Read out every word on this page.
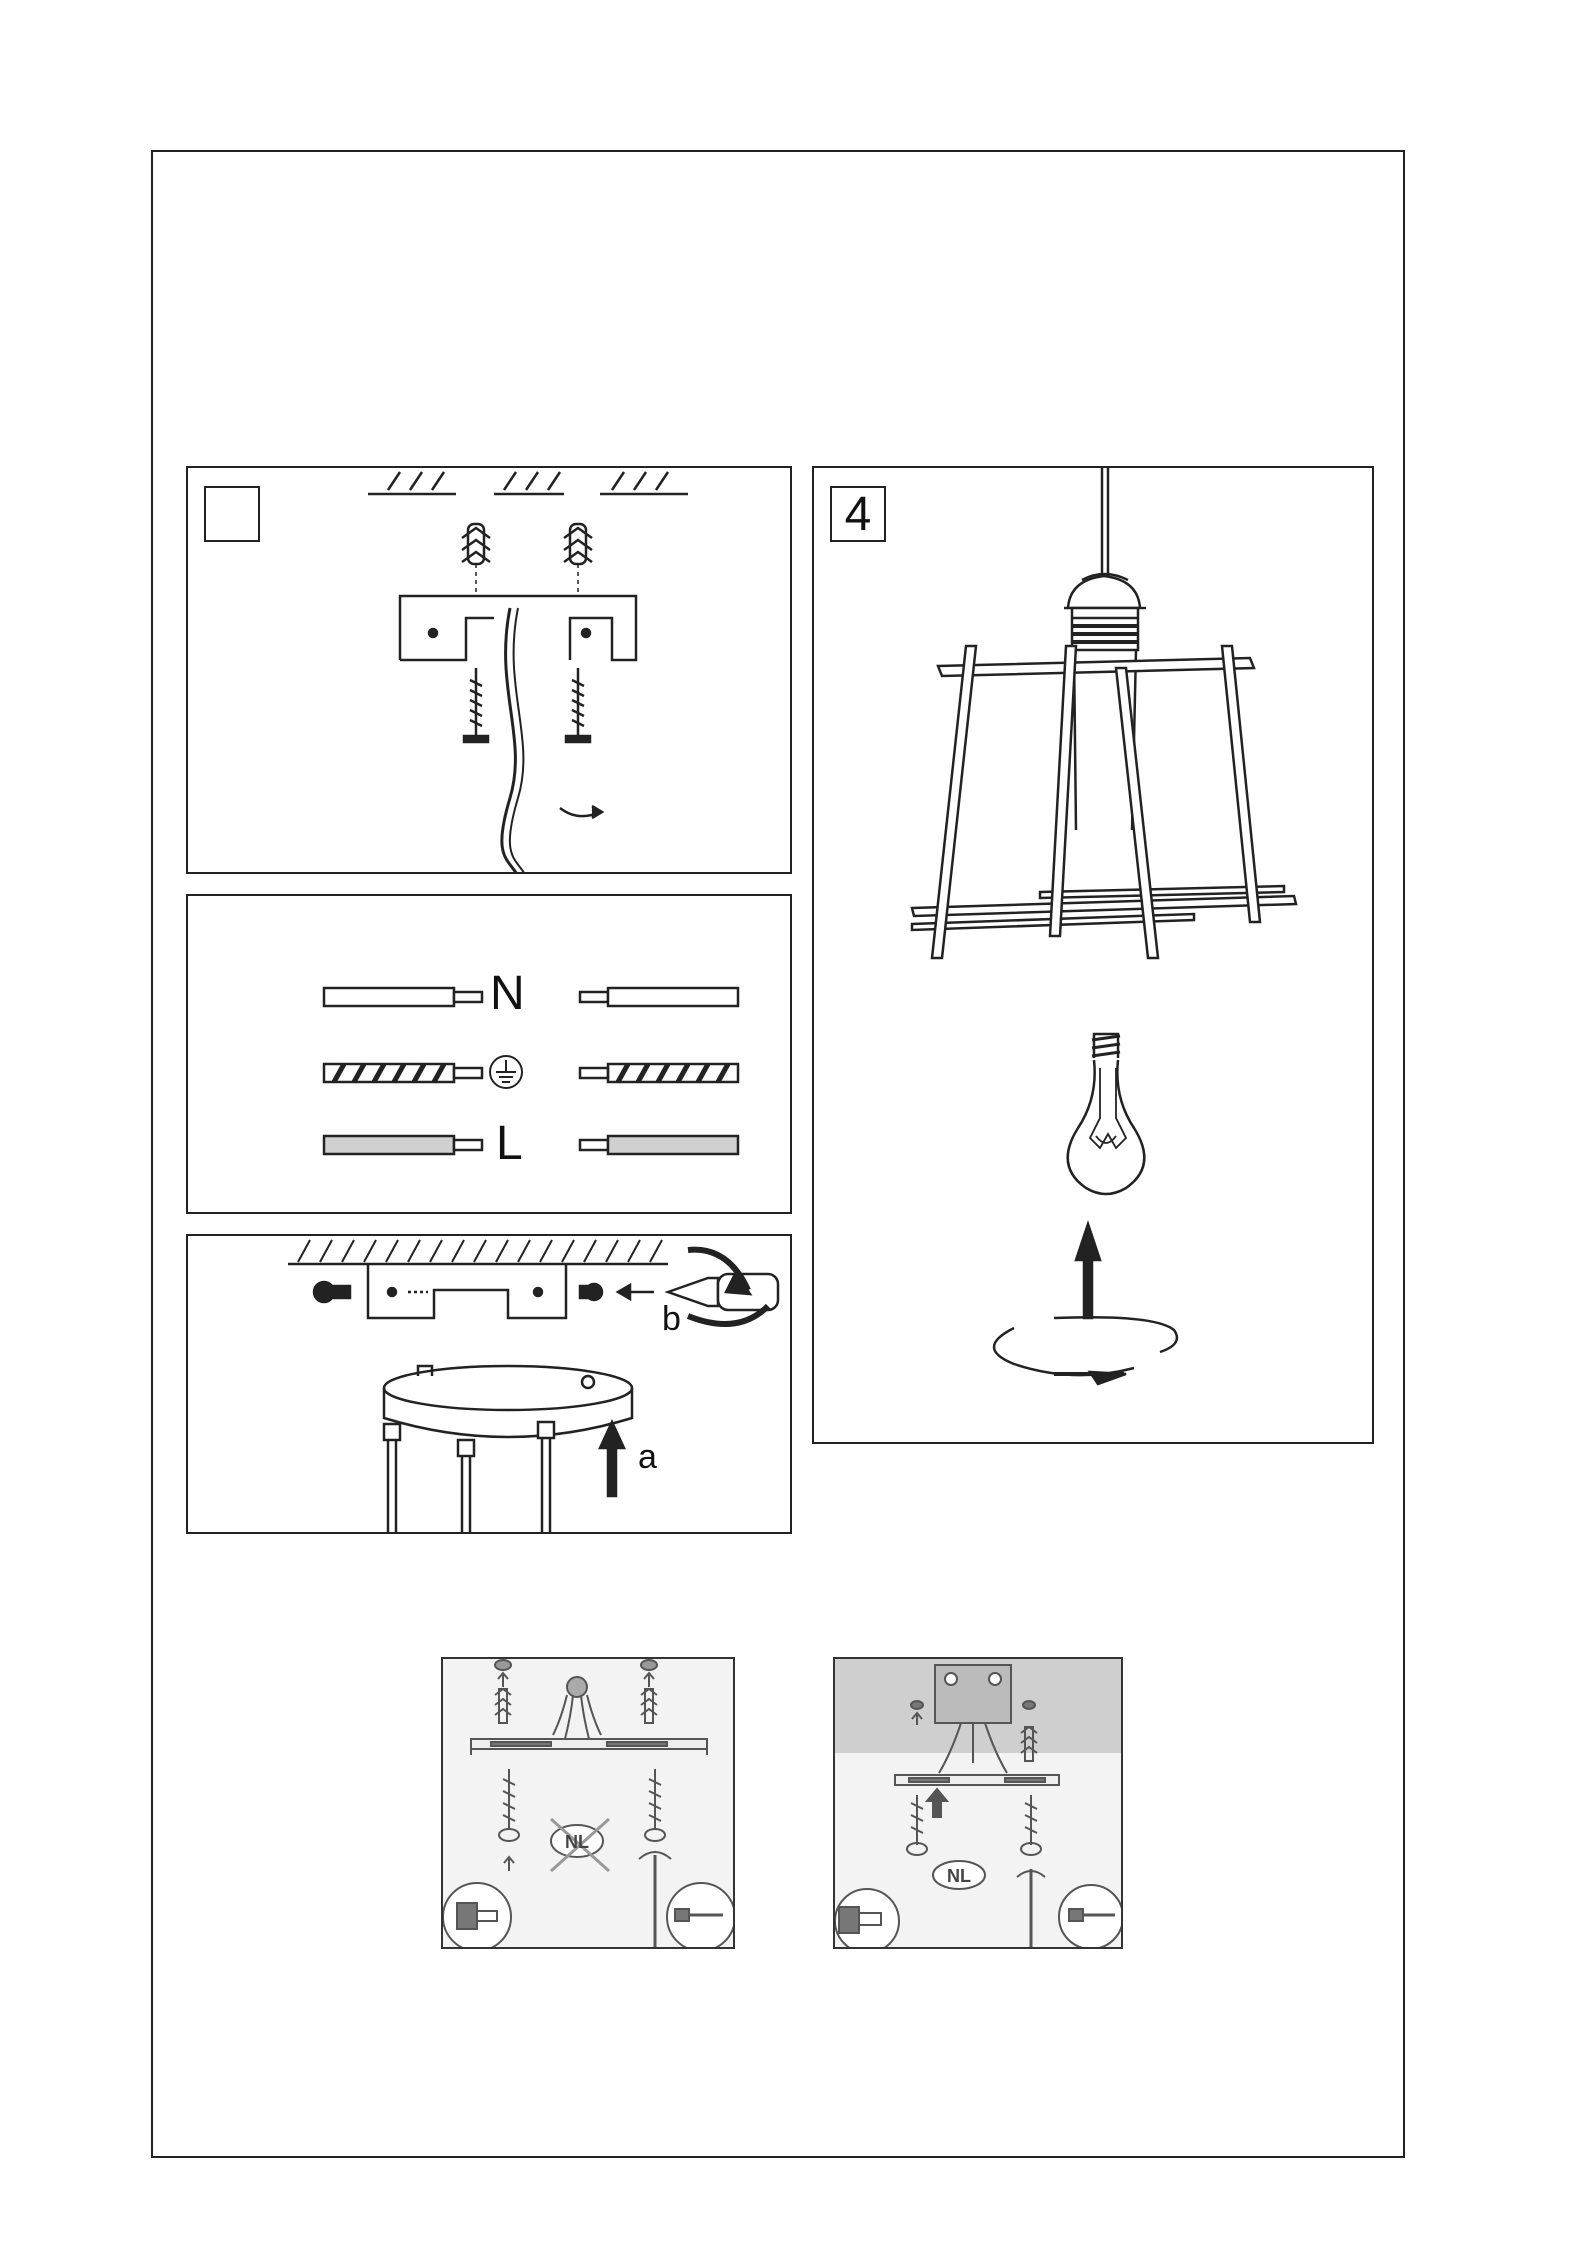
N
L
a
b
4
NL
NL
